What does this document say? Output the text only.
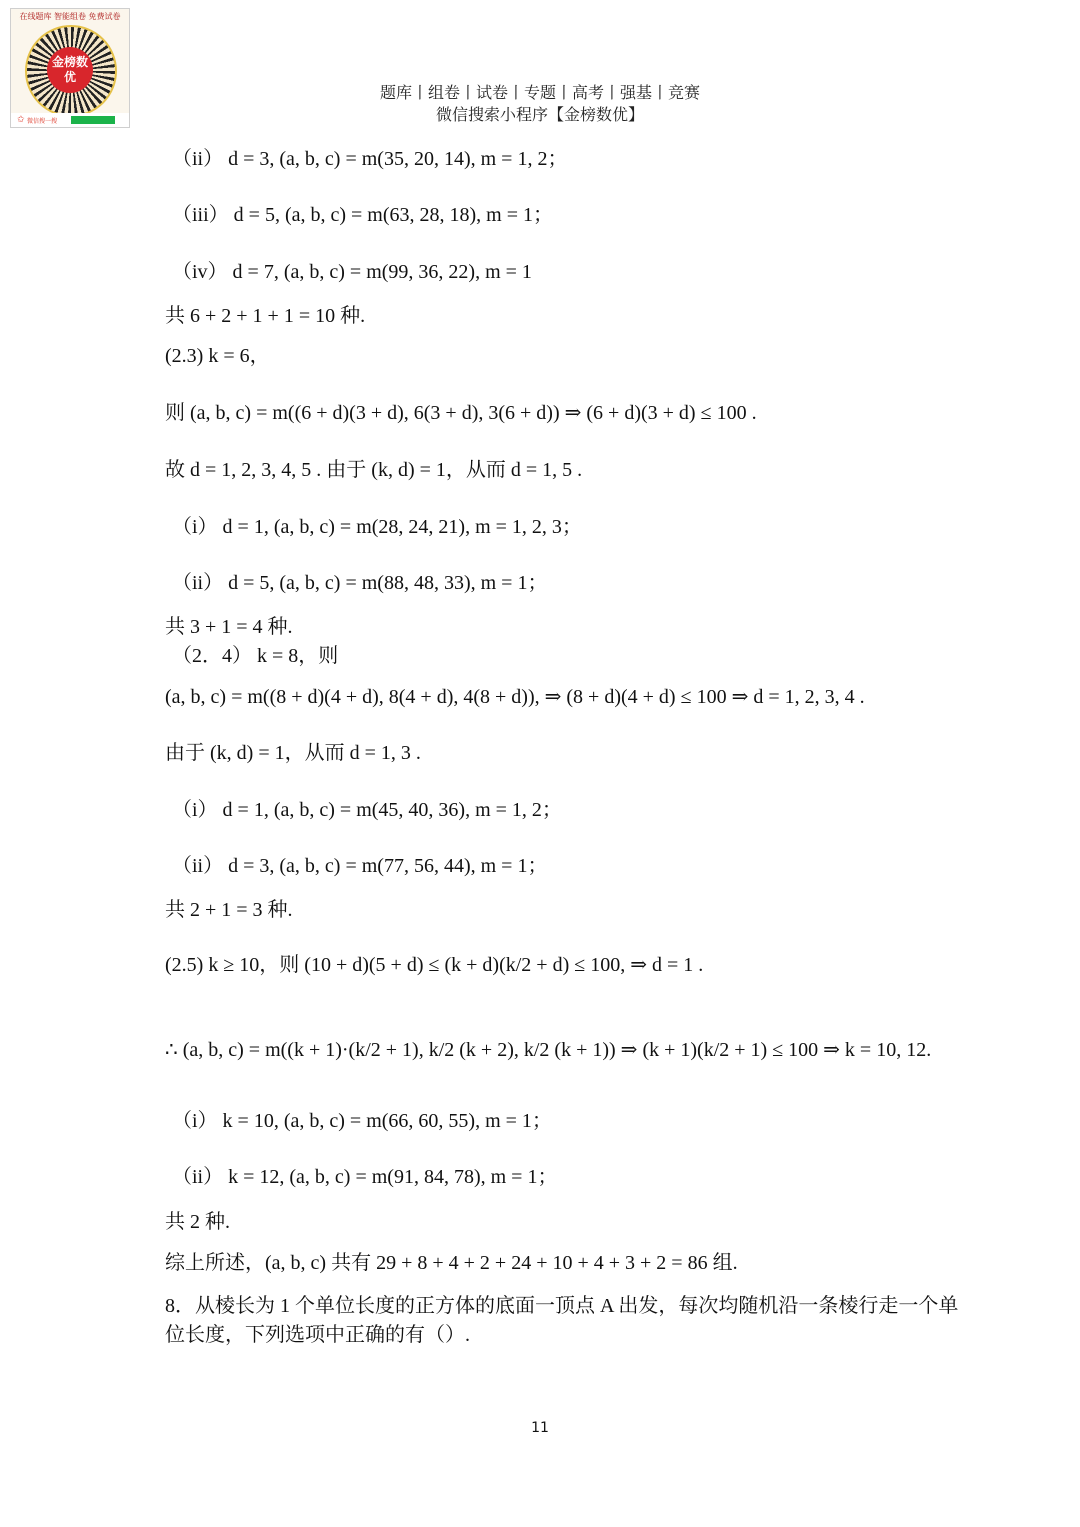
在线题库 智能组卷 免费试卷
金榜数优
✩ 微信搜一搜
题库丨组卷丨试卷丨专题丨高考丨强基丨竞赛
微信搜索小程序【金榜数优】
（ii） d = 3, (a, b, c) = m(35, 20, 14), m = 1, 2；
（iii） d = 5, (a, b, c) = m(63, 28, 18), m = 1；
（iv） d = 7, (a, b, c) = m(99, 36, 22), m = 1
共 6 + 2 + 1 + 1 = 10 种.
(2.3) k = 6，
则 (a, b, c) = m((6 + d)(3 + d), 6(3 + d), 3(6 + d)) ⇒ (6 + d)(3 + d) ≤ 100 .
故 d = 1, 2, 3, 4, 5 . 由于 (k, d) = 1，从而 d = 1, 5 .
（i） d = 1, (a, b, c) = m(28, 24, 21), m = 1, 2, 3；
（ii） d = 5, (a, b, c) = m(88, 48, 33), m = 1；
共 3 + 1 = 4 种.
（2．4） k = 8，则
(a, b, c) = m((8 + d)(4 + d), 8(4 + d), 4(8 + d)), ⇒ (8 + d)(4 + d) ≤ 100 ⇒ d = 1, 2, 3, 4 .
由于 (k, d) = 1，从而 d = 1, 3 .
（i） d = 1, (a, b, c) = m(45, 40, 36), m = 1, 2；
（ii） d = 3, (a, b, c) = m(77, 56, 44), m = 1；
共 2 + 1 = 3 种.
(2.5) k ≥ 10，则 (10 + d)(5 + d) ≤ (k + d)(k/2 + d) ≤ 100, ⇒ d = 1 .
∴ (a, b, c) = m((k + 1)·(k/2 + 1), k/2 (k + 2), k/2 (k + 1)) ⇒ (k + 1)(k/2 + 1) ≤ 100 ⇒ k = 10, 12.
（i） k = 10, (a, b, c) = m(66, 60, 55), m = 1；
（ii） k = 12, (a, b, c) = m(91, 84, 78), m = 1；
共 2 种.
综上所述，(a, b, c) 共有 29 + 8 + 4 + 2 + 24 + 10 + 4 + 3 + 2 = 86 组.
8．从棱长为 1 个单位长度的正方体的底面一顶点 A 出发，每次均随机沿一条棱行走一个单
位长度，下列选项中正确的有（）.
11
